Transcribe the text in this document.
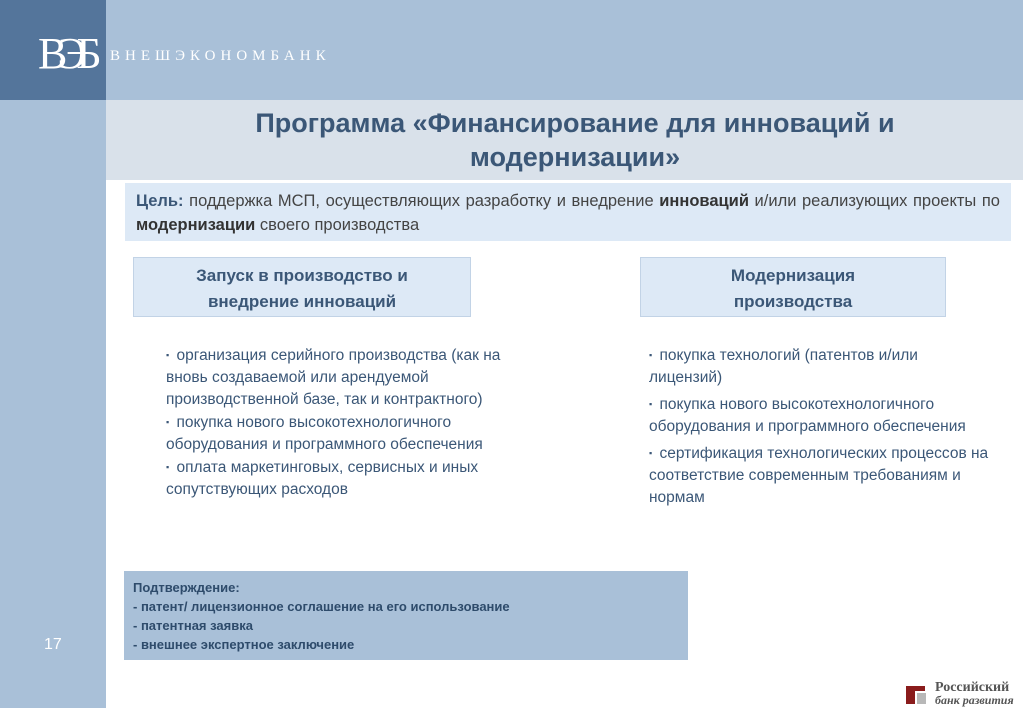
ВЭБ ВНЕШЭКОНОМБАНК
Программа «Финансирование для инноваций и
модернизации»
Цель: поддержка МСП, осуществляющих разработку и внедрение инноваций и/или реализующих проекты по модернизации своего производства
Запуск в производство и
внедрение инноваций
Модернизация
производства
▪ организация серийного производства (как на вновь создаваемой или арендуемой производственной базе, так и контрактного)
▪ покупка нового высокотехнологичного оборудования и программного обеспечения
▪ оплата маркетинговых, сервисных и иных сопутствующих расходов
▪ покупка технологий (патентов и/или лицензий)
▪ покупка нового высокотехнологичного оборудования и программного обеспечения
▪ сертификация технологических процессов на соответствие современным требованиям и нормам
Подтверждение:
- патент/ лицензионное соглашение на его использование
- патентная заявка
- внешнее экспертное заключение
17
Российский
банк развития
